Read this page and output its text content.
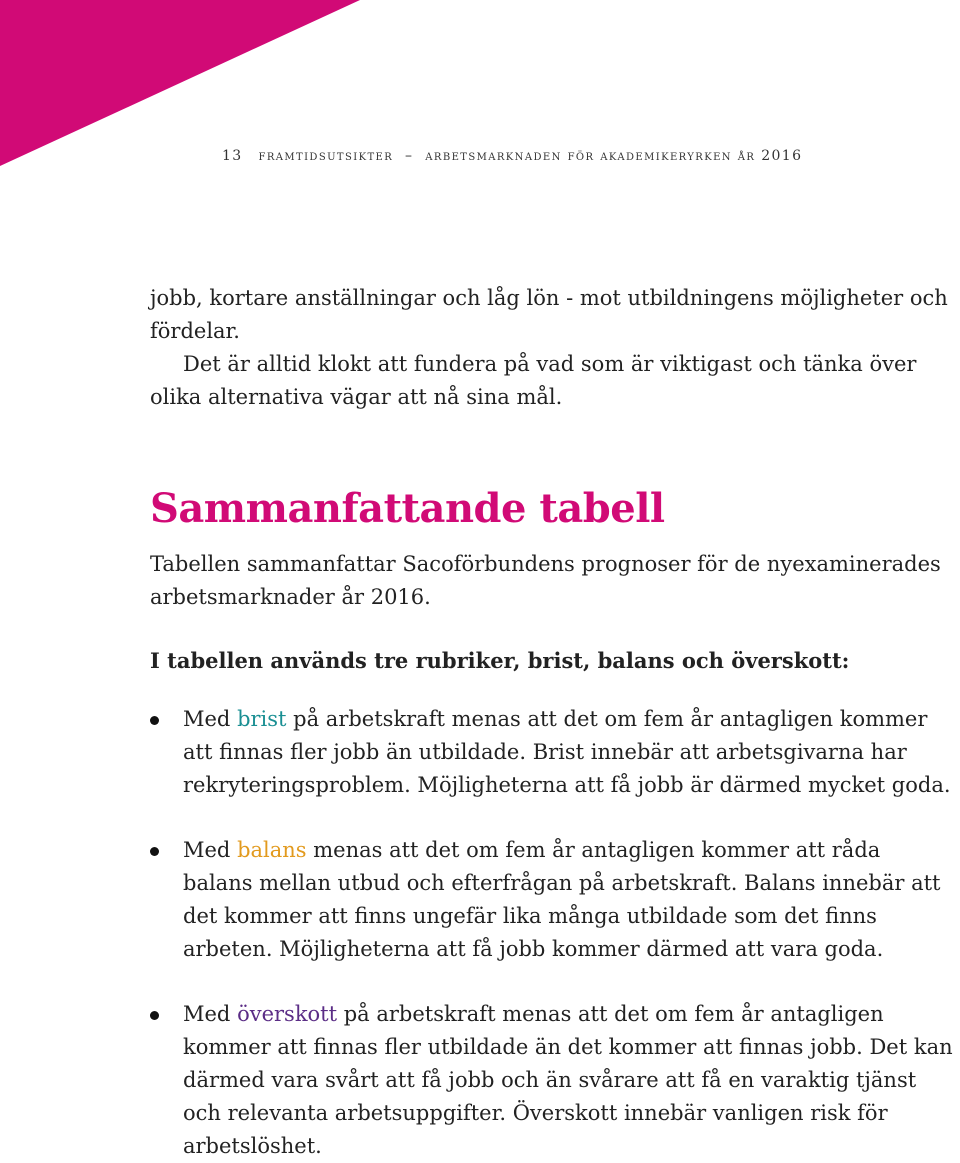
13 framtidsutsikter – arbetsmarknaden för akademikeryrken år 2016

jobb, kortare anställningar och låg lön - mot utbildningens möjligheter och fördelar.

Det är alltid klokt att fundera på vad som är viktigast och tänka över olika alternativa vägar att nå sina mål.

Sammanfattande tabell

Tabellen sammanfattar Sacoförbundens prognoser för de nyexaminerades arbetsmarknader år 2016.

I tabellen används tre rubriker, brist, balans och överskott:

Med brist på arbetskraft menas att det om fem år antagligen kommer att finnas fler jobb än utbildade. Brist innebär att arbetsgivarna har rekryteringsproblem. Möjligheterna att få jobb är därmed mycket goda.
Med balans menas att det om fem år antagligen kommer att råda balans mellan utbud och efterfrågan på arbetskraft. Balans innebär att det kommer att finns ungefär lika många utbildade som det finns arbeten. Möjligheterna att få jobb kommer därmed att vara goda.
Med överskott på arbetskraft menas att det om fem år antagligen kommer att finnas fler utbildade än det kommer att finnas jobb. Det kan därmed vara svårt att få jobb och än svårare att få en varaktig tjänst och relevanta arbetsuppgifter. Överskott innebär vanligen risk för arbetslöshet.
